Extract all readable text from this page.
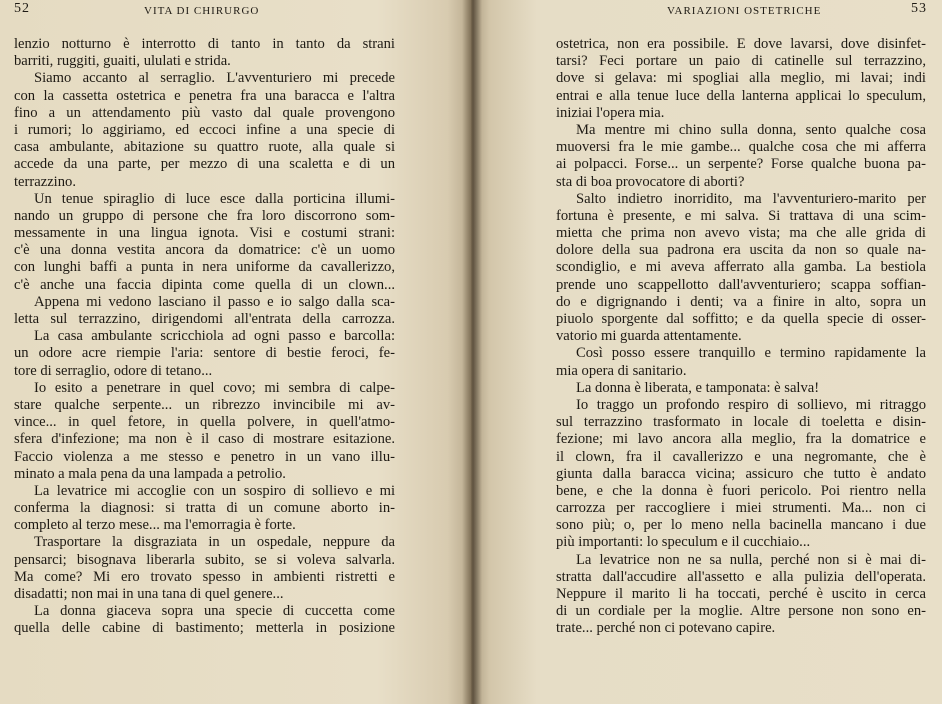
52	VITA DI CHIRURGO
lenzio notturno è interrotto di tanto in tanto da strani
barriti, ruggiti, guaiti, ululati e strida.
Siamo accanto al serraglio. L'avventuriero mi precede
con la cassetta ostetrica e penetra fra una baracca e l'altra
fino a un attendamento più vasto dal quale provengono
i rumori; lo aggiriamo, ed eccoci infine a una specie di
casa ambulante, abitazione su quattro ruote, alla quale si
accede da una parte, per mezzo di una scaletta e di un
terrazzino.
Un tenue spiraglio di luce esce dalla porticina illumi-
nando un gruppo di persone che fra loro discorrono som-
messamente in una lingua ignota. Visi e costumi strani:
c'è una donna vestita ancora da domatrice: c'è un uomo
con lunghi baffi a punta in nera uniforme da cavallerizzo,
c'è anche una faccia dipinta come quella di un clown...
Appena mi vedono lasciano il passo e io salgo dalla sca-
letta sul terrazzino, dirigendomi all'entrata della carrozza.
La casa ambulante scricchiola ad ogni passo e barcolla:
un odore acre riempie l'aria: sentore di bestie feroci, fe-
tore di serraglio, odore di tetano...
Io esito a penetrare in quel covo; mi sembra di calpe-
stare qualche serpente... un ribrezzo invincibile mi av-
vince... in quel fetore, in quella polvere, in quell'atmo-
sfera d'infezione; ma non è il caso di mostrare esitazione.
Faccio violenza a me stesso e penetro in un vano illu-
minato a mala pena da una lampada a petrolio.
La levatrice mi accoglie con un sospiro di sollievo e mi
conferma la diagnosi: si tratta di un comune aborto in-
completo al terzo mese... ma l'emorragia è forte.
Trasportare la disgraziata in un ospedale, neppure da
pensarci; bisognava liberarla subito, se si voleva salvarla.
Ma come? Mi ero trovato spesso in ambienti ristretti e
disadatti; non mai in una tana di quel genere...
La donna giaceva sopra una specie di cuccetta come
quella delle cabine di bastimento; metterla in posizione
VARIAZIONI OSTETRICHE	53
ostetrica, non era possibile. E dove lavarsi, dove disinfet-
tarsi? Feci portare un paio di catinelle sul terrazzino,
dove si gelava: mi spogliai alla meglio, mi lavai; indi
entrai e alla tenue luce della lanterna applicai lo speculum,
iniziai l'opera mia.
Ma mentre mi chino sulla donna, sento qualche cosa
muoversi fra le mie gambe... qualche cosa che mi afferra
ai polpacci. Forse... un serpente? Forse qualche buona pa-
sta di boa provocatore di aborti?
Salto indietro inorridito, ma l'avventuriero-marito per
fortuna è presente, e mi salva. Si trattava di una scim-
mietta che prima non avevo vista; ma che alle grida di
dolore della sua padrona era uscita da non so quale na-
scondiglio, e mi aveva afferrato alla gamba. La bestiola
prende uno scappellotto dall'avventuriero; scappa soffian-
do e digrignando i denti; va a finire in alto, sopra un
piuolo sporgente dal soffitto; e da quella specie di osser-
vatorio mi guarda attentamente.
Così posso essere tranquillo e termino rapidamente la
mia opera di sanitario.
La donna è liberata, e tamponata: è salva!
Io traggo un profondo respiro di sollievo, mi ritraggo
sul terrazzino trasformato in locale di toeletta e disin-
fezione; mi lavo ancora alla meglio, fra la domatrice e
il clown, fra il cavallerizzo e una negromante, che è
giunta dalla baracca vicina; assicuro che tutto è andato
bene, e che la donna è fuori pericolo. Poi rientro nella
carrozza per raccogliere i miei strumenti. Ma... non ci
sono più; o, per lo meno nella bacinella mancano i due
più importanti: lo speculum e il cucchiaio...
La levatrice non ne sa nulla, perché non si è mai di-
stratta dall'accudire all'assetto e alla pulizia dell'operata.
Neppure il marito li ha toccati, perché è uscito in cerca
di un cordiale per la moglie. Altre persone non sono en-
trate... perché non ci potevano capire.
